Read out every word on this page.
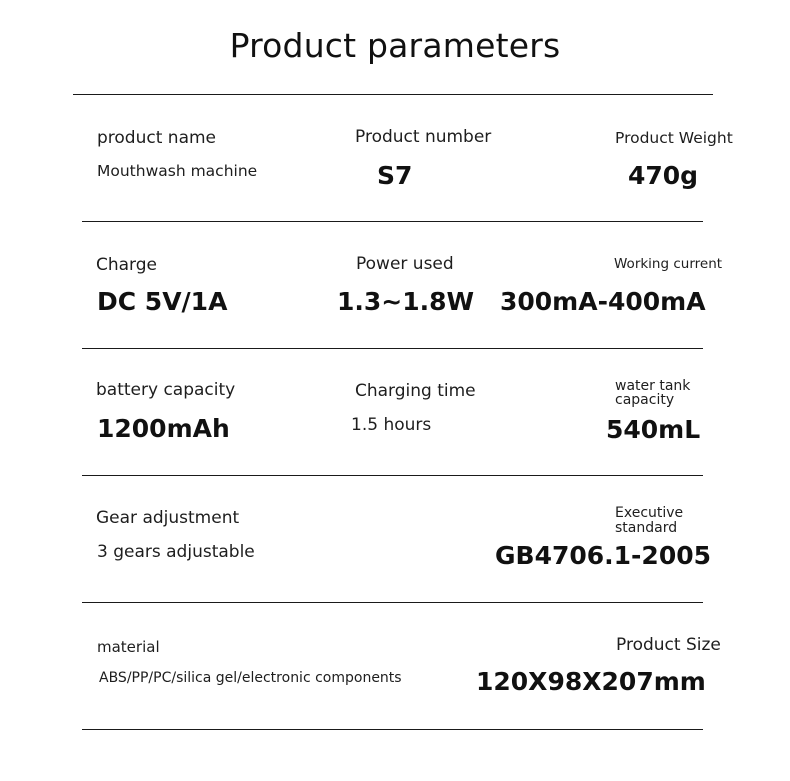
Product parameters
product name
Mouthwash machine
Product number
S7
Product Weight
470g
Charge
DC 5V/1A
Power used
1.3~1.8W
Working current
300mA-400mA
battery capacity
1200mAh
Charging time
1.5 hours
water tank
capacity
540mL
Gear adjustment
3 gears adjustable
Executive
standard
GB4706.1-2005
material
ABS/PP/PC/silica gel/electronic components
Product Size
120X98X207mm
